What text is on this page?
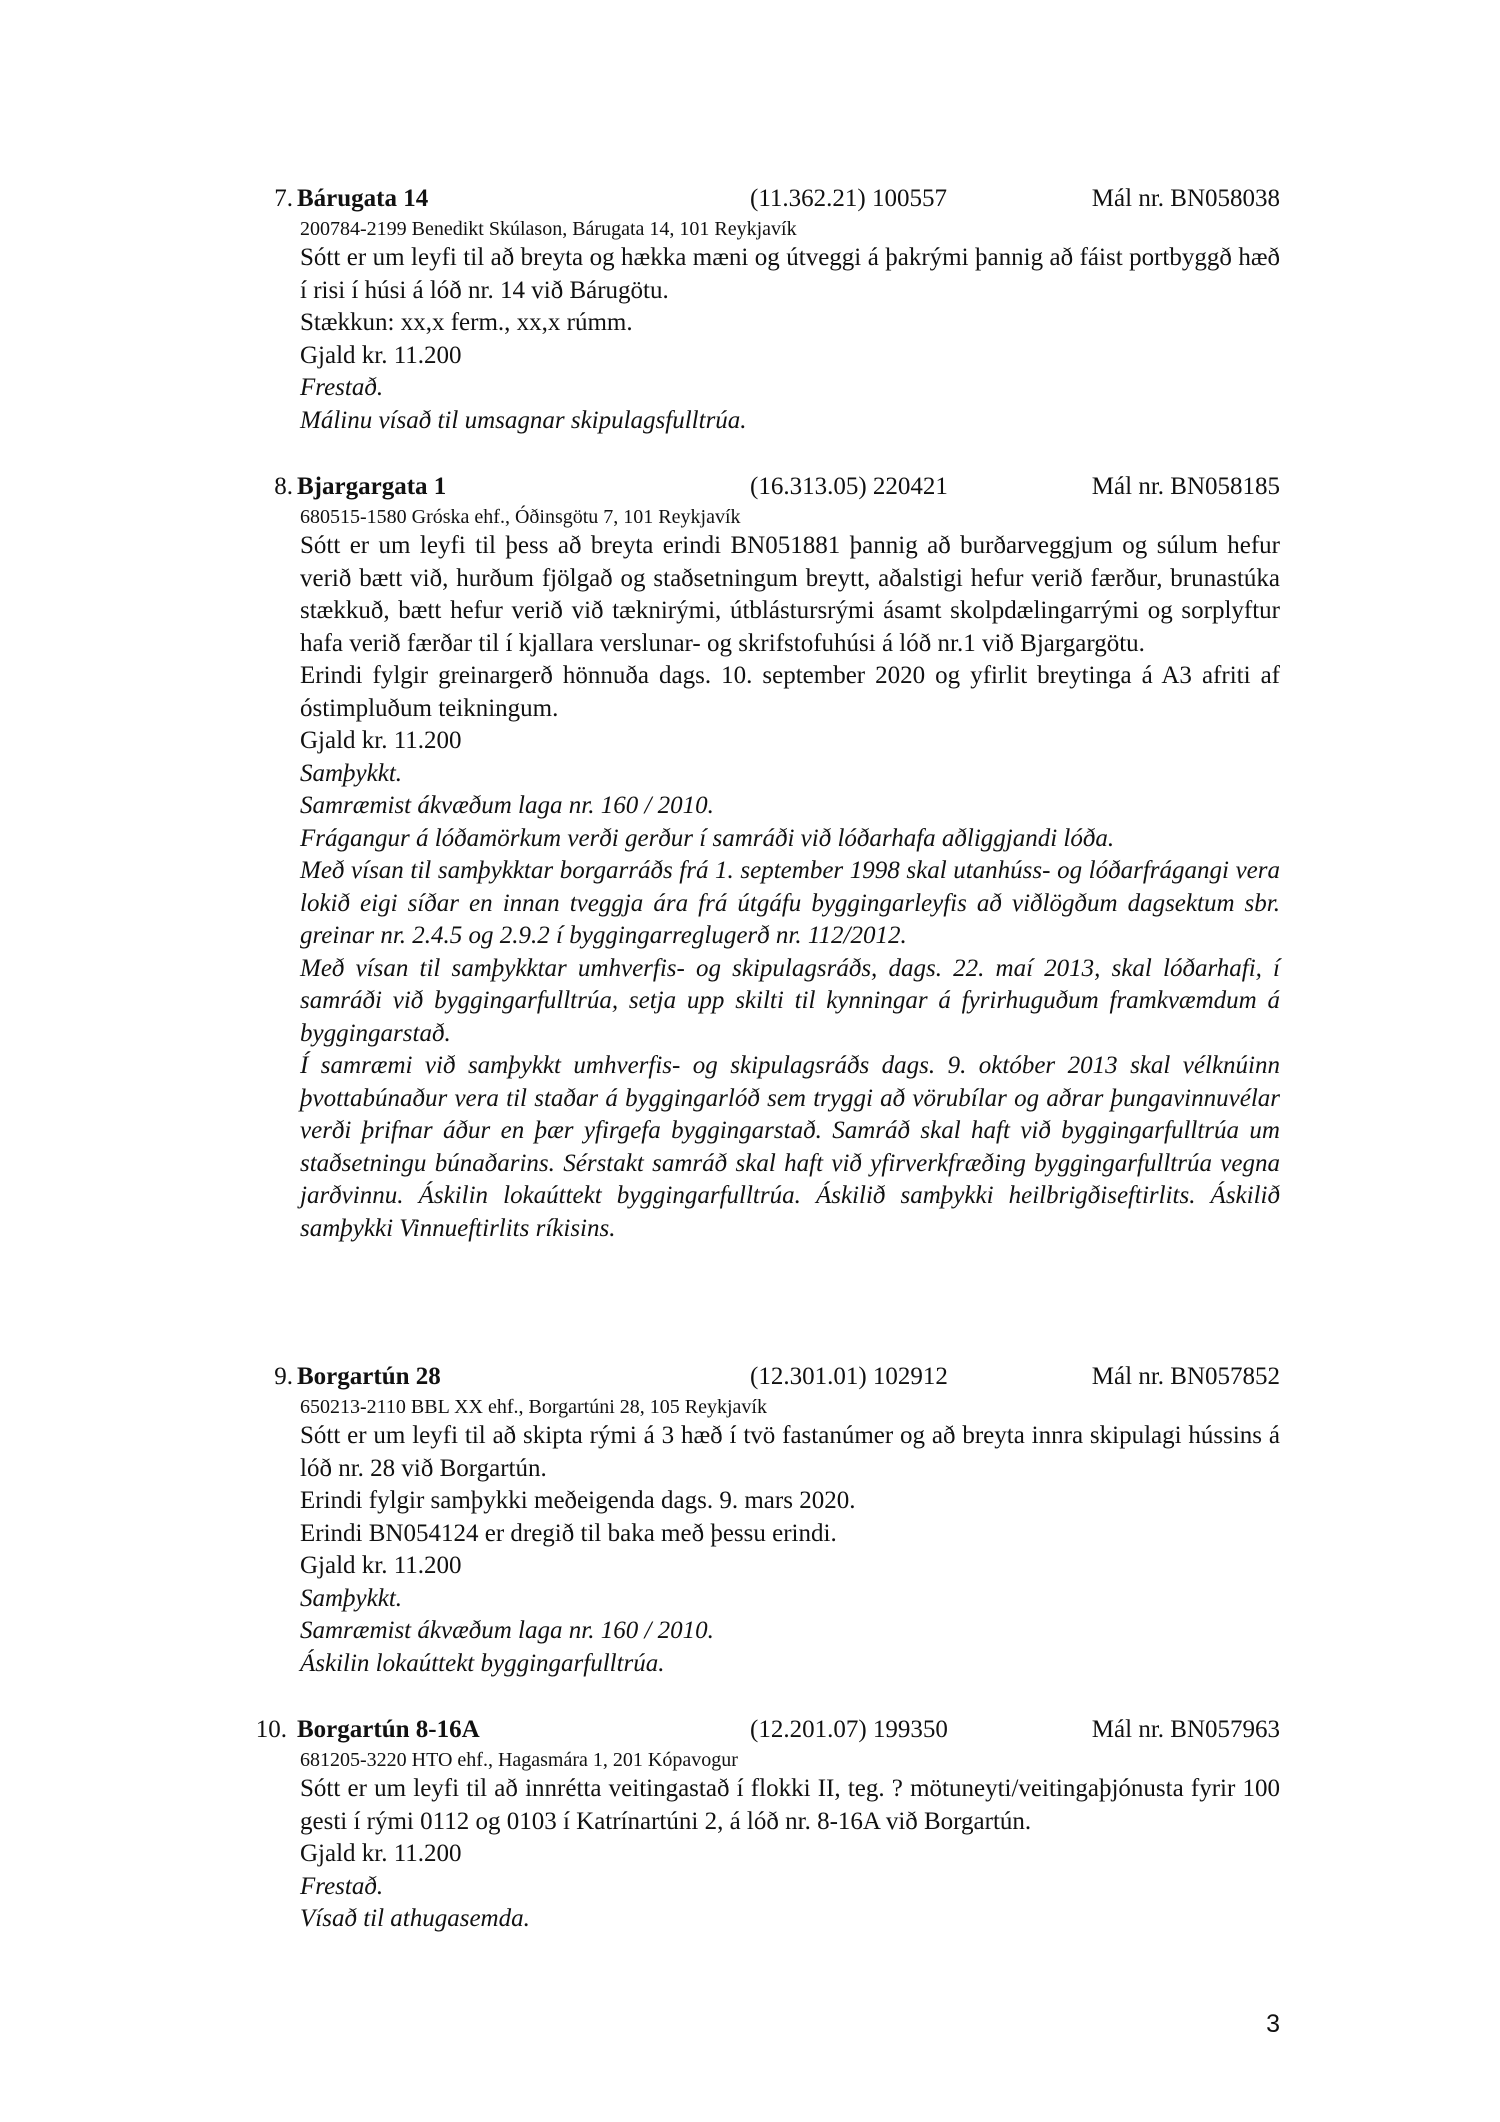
7. Bárugata 14	(11.362.21) 100557	Mál nr. BN058038
200784-2199 Benedikt Skúlason, Bárugata 14, 101 Reykjavík

Sótt er um leyfi til að breyta og hækka mæni og útveggi á þakrými þannig að fáist portbyggð hæð í risi í húsi á lóð nr. 14 við Bárugötu.

Stækkun: xx,x ferm., xx,x rúmm.

Gjald kr. 11.200

Frestað.

Málinu vísað til umsagnar skipulagsfulltrúa.

8. Bjargargata 1	(16.313.05) 220421	Mál nr. BN058185
680515-1580 Gróska ehf., Óðinsgötu 7, 101 Reykjavík

Sótt er um leyfi til þess að breyta erindi BN051881 þannig að burðarveggjum og súlum hefur verið bætt við, hurðum fjölgað og staðsetningum breytt, aðalstigi hefur verið færður, brunastúka stækkuð, bætt hefur verið við tæknirými, útblástursrými ásamt skolpdælingarrými og sorplyftur hafa verið færðar til í kjallara verslunar- og skrifstofuhúsi á lóð nr.1 við Bjargargötu.

Erindi fylgir greinargerð hönnuða dags. 10. september 2020 og yfirlit breytinga á A3 afriti af óstimpluðum teikningum.

Gjald kr. 11.200

Samþykkt.

Samræmist ákvæðum laga nr. 160 / 2010.

Frágangur á lóðamörkum verði gerður í samráði við lóðarhafa aðliggjandi lóða.

Með vísan til samþykktar borgarráðs frá 1. september 1998 skal utanhúss- og lóðarfrágangi vera lokið eigi síðar en innan tveggja ára frá útgáfu byggingarleyfis að viðlögðum dagsektum sbr. greinar nr. 2.4.5 og 2.9.2 í byggingarreglugerð nr. 112/2012.

Með vísan til samþykktar umhverfis- og skipulagsráðs, dags. 22. maí 2013, skal lóðarhafi, í samráði við byggingarfulltrúa, setja upp skilti til kynningar á fyrirhuguðum framkvæmdum á byggingarstað.

Í samræmi við samþykkt umhverfis- og skipulagsráðs dags. 9. október 2013 skal vélknúinn þvottabúnaður vera til staðar á byggingarlóð sem tryggi að vörubílar og aðrar þungavinnuvélar verði þrifnar áður en þær yfirgefa byggingarstað. Samráð skal haft við byggingarfulltrúa um staðsetningu búnaðarins. Sérstakt samráð skal haft við yfirverkfræðing byggingarfulltrúa vegna jarðvinnu. Áskilin lokaúttekt byggingarfulltrúa. Áskilið samþykki heilbrigðiseftirlits. Áskilið samþykki Vinnueftirlits ríkisins.

9. Borgartún 28	(12.301.01) 102912	Mál nr. BN057852
650213-2110 BBL XX ehf., Borgartúni 28, 105 Reykjavík

Sótt er um leyfi til að skipta rými á 3 hæð í tvö fastanúmer og að breyta innra skipulagi hússins á lóð nr. 28 við Borgartún.

Erindi fylgir samþykki meðeigenda dags. 9. mars 2020.

Erindi BN054124 er dregið til baka með þessu erindi.

Gjald kr. 11.200

Samþykkt.

Samræmist ákvæðum laga nr. 160 / 2010.

Áskilin lokaúttekt byggingarfulltrúa.

10. Borgartún 8-16A	(12.201.07) 199350	Mál nr. BN057963
681205-3220 HTO ehf., Hagasmára 1, 201 Kópavogur

Sótt er um leyfi til að innrétta veitingastað í flokki II, teg. ? mötuneyti/veitingaþjónusta fyrir 100 gesti í rými 0112 og 0103 í Katrínartúni 2, á lóð nr. 8-16A við Borgartún.

Gjald kr. 11.200

Frestað.

Vísað til athugasemda.

3
